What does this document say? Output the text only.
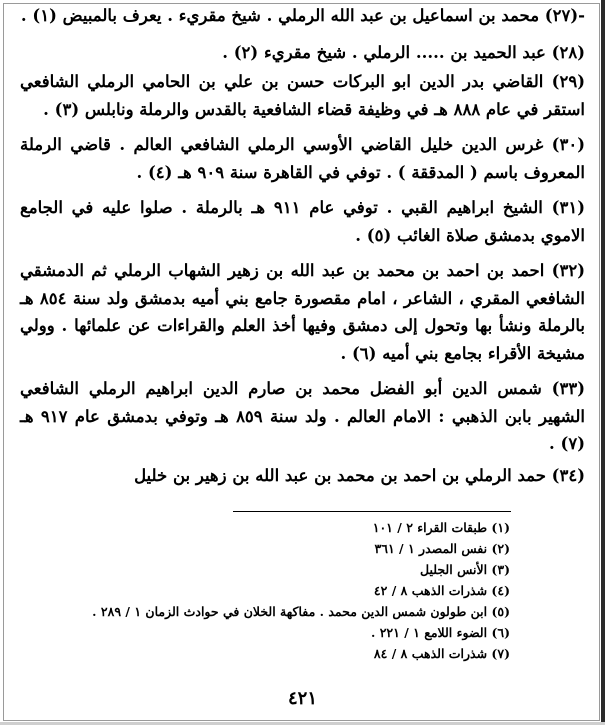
-(٢٧) محمد بن اسماعيل بن عبد الله الرملي . شيخ مقريء . يعرف بالمبيض (١) .

(٢٨) عبد الحميد بن ..... الرملي . شيخ مقريء (٢) .

(٢٩) القاضي بدر الدين ابو البركات حسن بن علي بن الحامي الرملي الشافعي استقر في عام ٨٨٨ هـ في وظيفة قضاء الشافعية بالقدس والرملة ونابلس (٣) .

(٣٠) غرس الدين خليل القاضي الأوسي الرملي الشافعي العالم . قاضي الرملة المعروف باسم ( المدققة ) . توفي في القاهرة سنة ٩٠٩ هـ (٤) .

(٣١) الشيخ ابراهيم القبي . توفي عام ٩١١ هـ بالرملة . صلوا عليه في الجامع الاموي بدمشق صلاة الغائب (٥) .

(٣٢) احمد بن احمد بن محمد بن عبد الله بن زهير الشهاب الرملي ثم الدمشقي الشافعي المقري ، الشاعر ، امام مقصورة جامع بني أميه بدمشق ولد سنة ٨٥٤ هـ بالرملة ونشأ بها وتحول إلى دمشق وفيها أخذ العلم والقراءات عن علمائها . وولي مشيخة الأقراء بجامع بني أميه (٦) .

(٣٣) شمس الدين أبو الفضل محمد بن صارم الدين ابراهيم الرملي الشافعي الشهير بابن الذهبي : الامام العالم . ولد سنة ٨٥٩ هـ وتوفي بدمشق عام ٩١٧ هـ (٧) .

(٣٤) حمد الرملي بن احمد بن محمد بن عبد الله بن زهير بن خليل

(١) طبقات القراء ٢ / ١٠١
(٢) نفس المصدر ١ / ٣٦١
(٣) الأنس الجليل
(٤) شذرات الذهب ٨ / ٤٢
(٥) ابن طولون شمس الدين محمد . مفاكهة الخلان في حوادث الزمان ١ / ٢٨٩ .
(٦) الضوء اللامع ١ / ٢٢١ .
(٧) شذرات الذهب ٨ / ٨٤
٤٢١
